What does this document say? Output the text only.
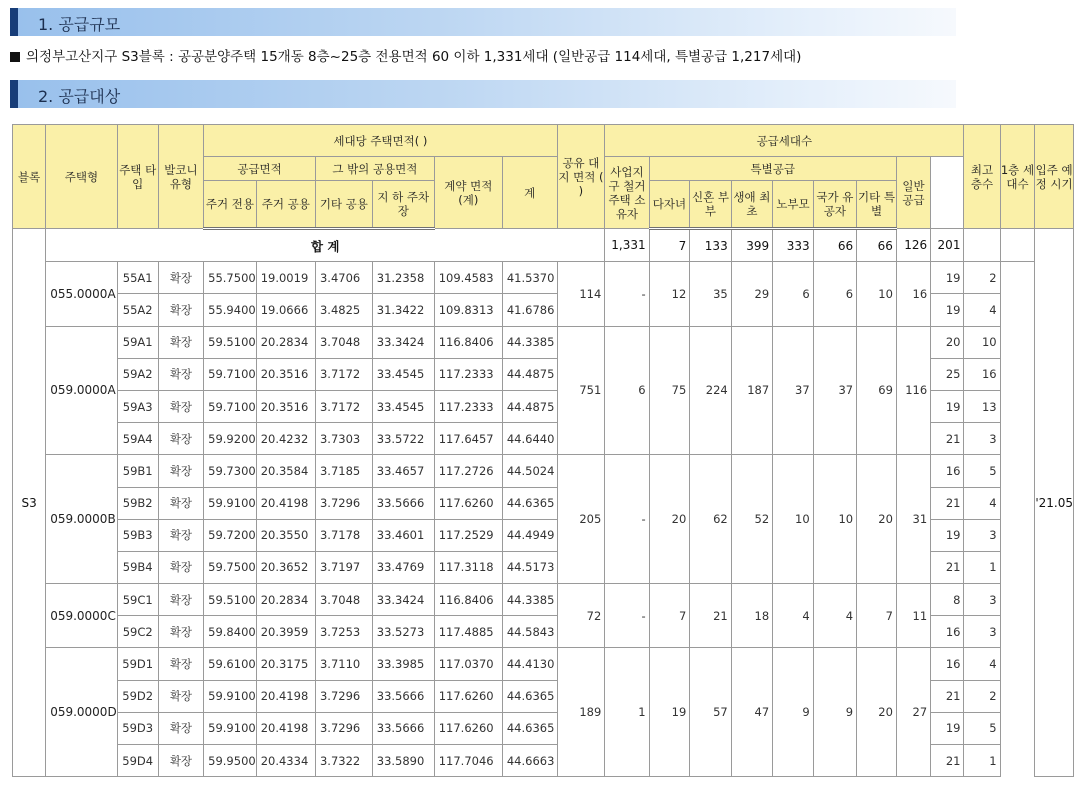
1. 공급규모
의정부고산지구 S3블록 : 공공분양주택 15개동 8층~25층 전용면적 60 이하 1,331세대 (일반공급 114세대, 특별공급 1,217세대)
2. 공급대상
블록	주택형	주택 타입	발코니 유형	세대당 주택면적( )						공유 대지 면적 ( )	공급세대수									최고 층수	1층 세대수	입주 예정 시기
				공급면적		그 밖의 공용면적		계약 면적 (계)	계		사업지구 철거주택 소유자	특별공급						일반 공급				
				주거 전용	주거 공용	기타 공용	지 하 주차장					다자녀	신혼 부부	생애 최초	노부모	국가 유공자	기타 특별					
S3	합 계										1,331	7	133	399	333	66	66	126	201			'21.05
	055.0000A	55A1	확장	55.7500	19.0019	3.4706	31.2358	109.4583	41.5370	114	-	12	35	29	6	6	10	16	19	2		
		55A2	확장	55.9400	19.0666	3.4825	31.3422	109.8313	41.6786										19	4		
	059.0000A	59A1	확장	59.5100	20.2834	3.7048	33.3424	116.8406	44.3385	751	6	75	224	187	37	37	69	116	20	10		
		59A2	확장	59.7100	20.3516	3.7172	33.4545	117.2333	44.4875										25	16		
		59A3	확장	59.7100	20.3516	3.7172	33.4545	117.2333	44.4875										19	13		
		59A4	확장	59.9200	20.4232	3.7303	33.5722	117.6457	44.6440										21	3		
	059.0000B	59B1	확장	59.7300	20.3584	3.7185	33.4657	117.2726	44.5024	205	-	20	62	52	10	10	20	31	16	5		
		59B2	확장	59.9100	20.4198	3.7296	33.5666	117.6260	44.6365										21	4		
		59B3	확장	59.7200	20.3550	3.7178	33.4601	117.2529	44.4949										19	3		
		59B4	확장	59.7500	20.3652	3.7197	33.4769	117.3118	44.5173										21	1		
	059.0000C	59C1	확장	59.5100	20.2834	3.7048	33.3424	116.8406	44.3385	72	-	7	21	18	4	4	7	11	8	3		
		59C2	확장	59.8400	20.3959	3.7253	33.5273	117.4885	44.5843										16	3		
	059.0000D	59D1	확장	59.6100	20.3175	3.7110	33.3985	117.0370	44.4130	189	1	19	57	47	9	9	20	27	16	4		
		59D2	확장	59.9100	20.4198	3.7296	33.5666	117.6260	44.6365										21	2		
		59D3	확장	59.9100	20.4198	3.7296	33.5666	117.6260	44.6365										19	5		
		59D4	확장	59.9500	20.4334	3.7322	33.5890	117.7046	44.6663										21	1		
